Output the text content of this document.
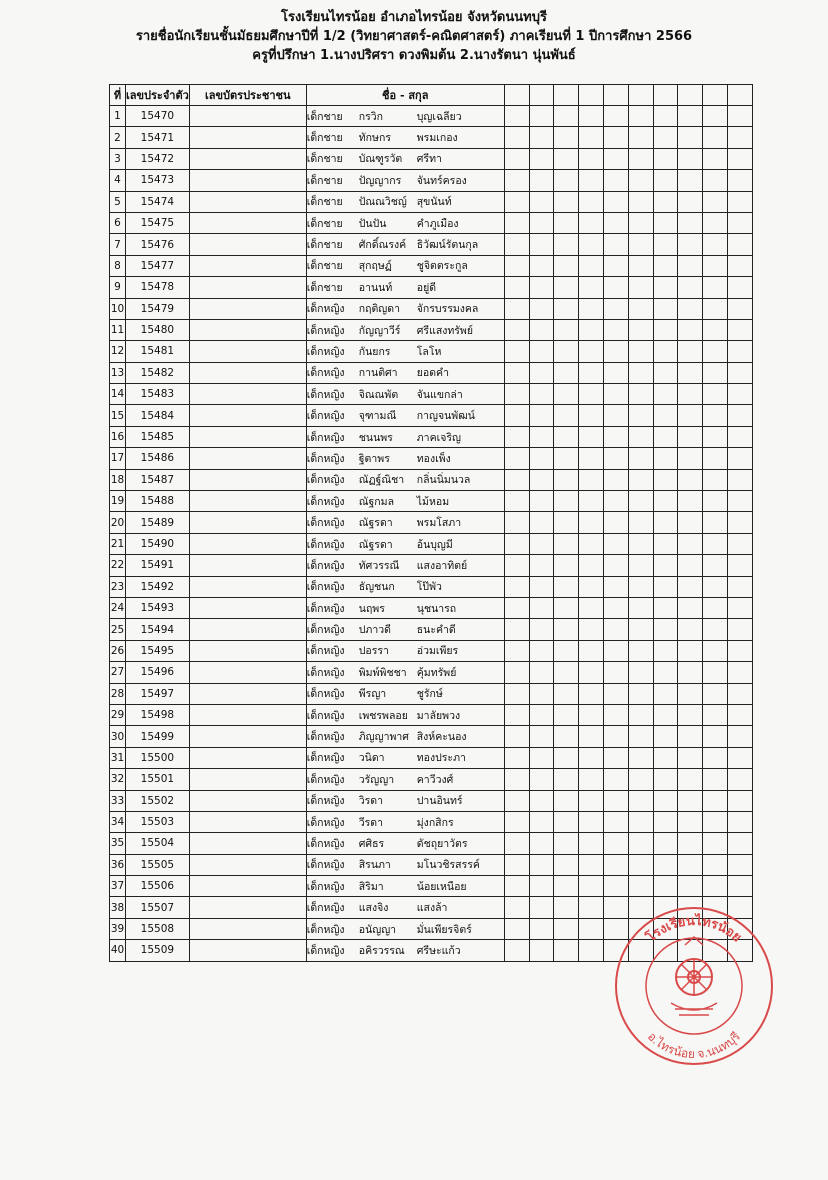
โรงเรียนไทรน้อย อำเภอไทรน้อย จังหวัดนนทบุรี
รายชื่อนักเรียนชั้นมัธยมศึกษาปีที่ 1/2 (วิทยาศาสตร์-คณิตศาสตร์) ภาคเรียนที่ 1 ปีการศึกษา 2566
ครูที่ปรึกษา 1.นางปริศรา ดวงพิมต้น 2.นางรัตนา นุ่นพันธ์
ที่	เลขประจำตัว	เลขบัตรประชาชน	ชื่อ - สกุล										
1	15470		เด็กชาย กรวิก บุญเฉลียว										
2	15471		เด็กชาย ทักษกร พรมเกอง										
3	15472		เด็กชาย บัณฑูรวัต ศรีทา										
4	15473		เด็กชาย ปัญญากร จันทร์ครอง										
5	15474		เด็กชาย ปัณณวิชญ์ สุขนันท์										
6	15475		เด็กชาย ปันปัน คำภูเมือง										
7	15476		เด็กชาย ศักดิ์ณรงค์ ธิวัฒน์รัตนกุล										
8	15477		เด็กชาย สุกฤษฏ์ ชูจิตตระกูล										
9	15478		เด็กชาย อานนท์ อยู่ดี										
10	15479		เด็กหญิง กฤติญดา จักรบรรมงคล										
11	15480		เด็กหญิง กัญญาวีร์ ศรีแสงทรัพย์										
12	15481		เด็กหญิง กันยกร โลโห										
13	15482		เด็กหญิง กานติศา ยอดคำ										
14	15483		เด็กหญิง จิณณพัต จันแขกล่า										
15	15484		เด็กหญิง จุฑามณี กาญจนพัฒน์										
16	15485		เด็กหญิง ชนนพร ภาคเจริญ										
17	15486		เด็กหญิง ฐิตาพร ทองเพ็ง										
18	15487		เด็กหญิง ณัฏฐ์ณิชา กลิ่นนิ่มนวล										
19	15488		เด็กหญิง ณัฐกมล ไม้หอม										
20	15489		เด็กหญิง ณัฐรดา พรมโสภา										
21	15490		เด็กหญิง ณัฐรดา อ้นบุญมี										
22	15491		เด็กหญิง ทัศวรรณี แสงอาทิตย์										
23	15492		เด็กหญิง ธัญชนก โป๊พัว										
24	15493		เด็กหญิง นฤพร นุชนารถ										
25	15494		เด็กหญิง ปภาวดี ธนะคำดี										
26	15495		เด็กหญิง ปอรรา อ่วมเพียร										
27	15496		เด็กหญิง พิมพ์พิชชา คุ้มทรัพย์										
28	15497		เด็กหญิง พีรญา ชูรักษ์										
29	15498		เด็กหญิง เพชรพลอย มาลัยพวง										
30	15499		เด็กหญิง ภิญญาพาศ สิงห์คะนอง										
31	15500		เด็กหญิง วนิดา ทองประภา										
32	15501		เด็กหญิง วรัญญา คาวีวงศ์										
33	15502		เด็กหญิง วิรดา ปานอินทร์										
34	15503		เด็กหญิง วีรดา มุ่งกสิกร										
35	15504		เด็กหญิง ศศิธร ดัชถุยาวัตร										
36	15505		เด็กหญิง สิรนภา มโนวชิรสรรค์										
37	15506		เด็กหญิง สิริมา น้อยเหนือย										
38	15507		เด็กหญิง แสงจิง แสงล้า										
39	15508		เด็กหญิง อนัญญา มั่นเพียรจิตร์										
40	15509		เด็กหญิง อคิรวรรณ ศรีษะแก้ว										
โรงเรียนไทรน้อย
อ.ไทรน้อย จ.นนทบุรี
